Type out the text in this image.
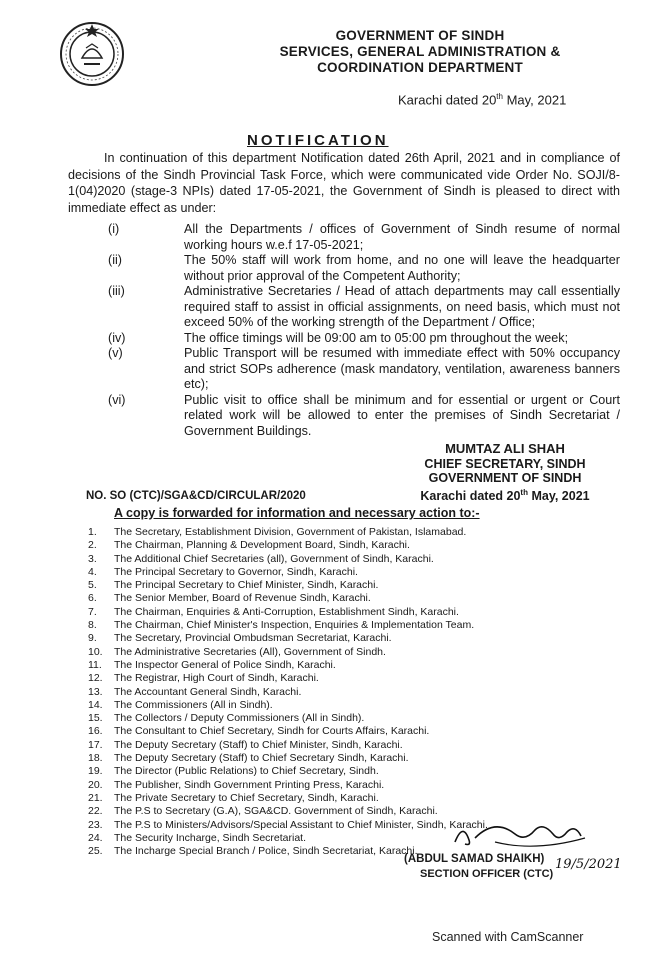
GOVERNMENT OF SINDH
SERVICES, GENERAL ADMINISTRATION &
COORDINATION DEPARTMENT
Karachi dated 20th May, 2021
NOTIFICATION

In continuation of this department Notification dated 26th April, 2021 and in compliance of decisions of the Sindh Provincial Task Force, which were communicated vide Order No. SOJI/8-1(04)2020 (stage-3 NPIs) dated 17-05-2021, the Government of Sindh is pleased to direct with immediate effect as under:

(i)	All the Departments / offices of Government of Sindh resume of normal working hours w.e.f 17-05-2021;
(ii)	The 50% staff will work from home, and no one will leave the headquarter without prior approval of the Competent Authority;
(iii)	Administrative Secretaries / Head of attach departments may call essentially required staff to assist in official assignments, on need basis, which must not exceed 50% of the working strength of the Department / Office;
(iv)	The office timings will be 09:00 am to 05:00 pm throughout the week;
(v)	Public Transport will be resumed with immediate effect with 50% occupancy and strict SOPs adherence (mask mandatory, ventilation, awareness banners etc);
(vi)	Public visit to office shall be minimum and for essential or urgent or Court related work will be allowed to enter the premises of Sindh Secretariat / Government Buildings.
MUMTAZ ALI SHAH
CHIEF SECRETARY, SINDH
GOVERNMENT OF SINDH
Karachi dated 20th May, 2021
NO. SO (CTC)/SGA&CD/CIRCULAR/2020
A copy is forwarded for information and necessary action to:-
1.	The Secretary, Establishment Division, Government of Pakistan, Islamabad.
2.	The Chairman, Planning & Development Board, Sindh, Karachi.
3.	The Additional Chief Secretaries (all), Government of Sindh, Karachi.
4.	The Principal Secretary to Governor, Sindh, Karachi.
5.	The Principal Secretary to Chief Minister, Sindh, Karachi.
6.	The Senior Member, Board of Revenue Sindh, Karachi.
7.	The Chairman, Enquiries & Anti-Corruption, Establishment Sindh, Karachi.
8.	The Chairman, Chief Minister's Inspection, Enquiries & Implementation Team.
9.	The Secretary, Provincial Ombudsman Secretariat, Karachi.
10.	The Administrative Secretaries (All), Government of Sindh.
11.	The Inspector General of Police Sindh, Karachi.
12.	The Registrar, High Court of Sindh, Karachi.
13.	The Accountant General Sindh, Karachi.
14.	The Commissioners (All in Sindh).
15.	The Collectors / Deputy Commissioners (All in Sindh).
16.	The Consultant to Chief Secretary, Sindh for Courts Affairs, Karachi.
17.	The Deputy Secretary (Staff) to Chief Minister, Sindh, Karachi.
18.	The Deputy Secretary (Staff) to Chief Secretary Sindh, Karachi.
19.	The Director (Public Relations) to Chief Secretary, Sindh.
20.	The Publisher, Sindh Government Printing Press, Karachi.
21.	The Private Secretary to Chief Secretary, Sindh, Karachi.
22.	The P.S to Secretary (G.A), SGA&CD. Government of Sindh, Karachi.
23.	The P.S to Ministers/Advisors/Special Assistant to Chief Minister, Sindh, Karachi.
24.	The Security Incharge, Sindh Secretariat.
25.	The Incharge Special Branch / Police, Sindh Secretariat, Karachi.
19/5/2021
(ABDUL SAMAD SHAIKH)
SECTION OFFICER (CTC)
Scanned with CamScanner
